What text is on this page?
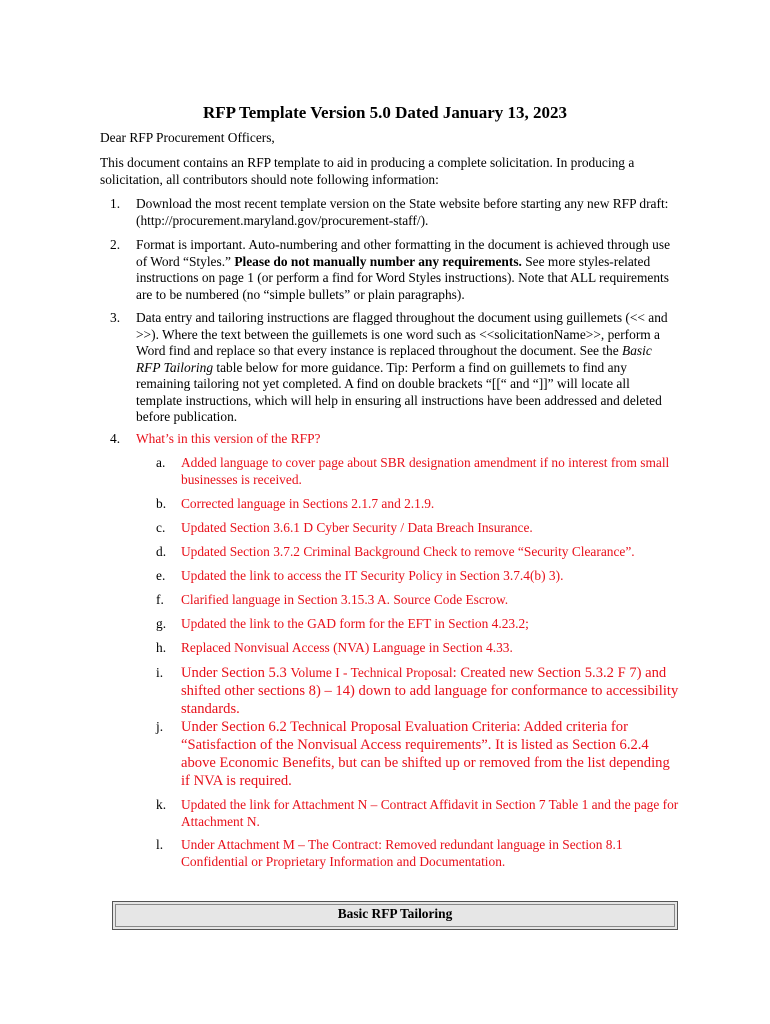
RFP Template Version 5.0 Dated January 13, 2023
Dear RFP Procurement Officers,
This document contains an RFP template to aid in producing a complete solicitation. In producing a solicitation, all contributors should note following information:
1. Download the most recent template version on the State website before starting any new RFP draft: (http://procurement.maryland.gov/procurement-staff/).
2. Format is important. Auto-numbering and other formatting in the document is achieved through use of Word “Styles.” Please do not manually number any requirements. See more styles-related instructions on page 1 (or perform a find for Word Styles instructions). Note that ALL requirements are to be numbered (no “simple bullets” or plain paragraphs).
3. Data entry and tailoring instructions are flagged throughout the document using guillemets (<< and >>). Where the text between the guillemets is one word such as <<solicitationName>>, perform a Word find and replace so that every instance is replaced throughout the document. See the Basic RFP Tailoring table below for more guidance. Tip: Perform a find on guillemets to find any remaining tailoring not yet completed. A find on double brackets “[[“ and “]]” will locate all template instructions, which will help in ensuring all instructions have been addressed and deleted before publication.
4. What’s in this version of the RFP?
a. Added language to cover page about SBR designation amendment if no interest from small businesses is received.
b. Corrected language in Sections 2.1.7 and 2.1.9.
c. Updated Section 3.6.1 D Cyber Security / Data Breach Insurance.
d. Updated Section 3.7.2 Criminal Background Check to remove “Security Clearance”.
e. Updated the link to access the IT Security Policy in Section 3.7.4(b) 3).
f. Clarified language in Section 3.15.3 A. Source Code Escrow.
g. Updated the link to the GAD form for the EFT in Section 4.23.2;
h. Replaced Nonvisual Access (NVA) Language in Section 4.33.
i. Under Section 5.3 Volume I - Technical Proposal: Created new Section 5.3.2 F 7) and shifted other sections 8) – 14) down to add language for conformance to accessibility standards.
j. Under Section 6.2 Technical Proposal Evaluation Criteria: Added criteria for “Satisfaction of the Nonvisual Access requirements”. It is listed as Section 6.2.4 above Economic Benefits, but can be shifted up or removed from the list depending if NVA is required.
k. Updated the link for Attachment N – Contract Affidavit in Section 7 Table 1 and the page for Attachment N.
l. Under Attachment M – The Contract: Removed redundant language in Section 8.1 Confidential or Proprietary Information and Documentation.
Basic RFP Tailoring
